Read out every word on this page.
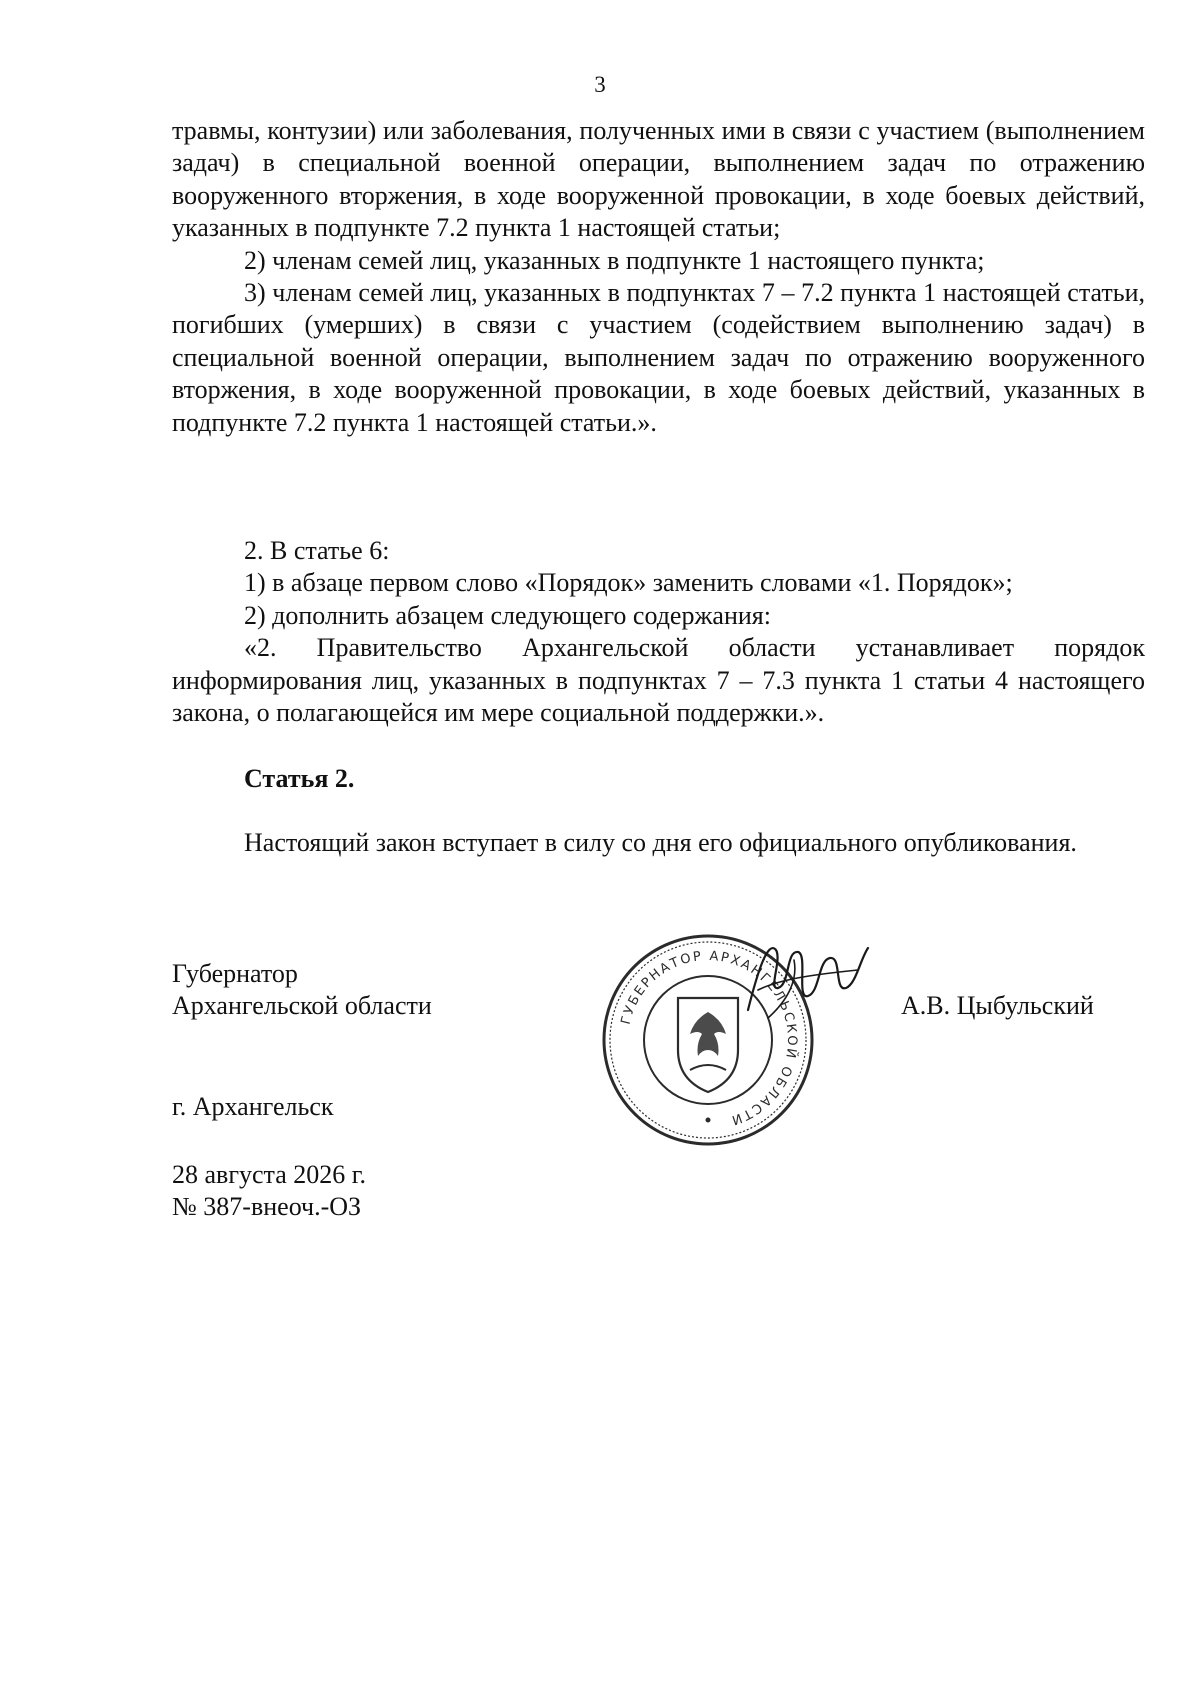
3

травмы, контузии) или заболевания, полученных ими в связи с участием (выполнением задач) в специальной военной операции, выполнением задач по отражению вооруженного вторжения, в ходе вооруженной провокации, в ходе боевых действий, указанных в подпункте 7.2 пункта 1 настоящей статьи;

2) членам семей лиц, указанных в подпункте 1 настоящего пункта;

3) членам семей лиц, указанных в подпунктах 7 – 7.2 пункта 1 настоящей статьи, погибших (умерших) в связи с участием (содействием выполнению задач) в специальной военной операции, выполнением задач по отражению вооруженного вторжения, в ходе вооруженной провокации, в ходе боевых действий, указанных в подпункте 7.2 пункта 1 настоящей статьи.».

2. В статье 6:

1) в абзаце первом слово «Порядок» заменить словами «1. Порядок»;

2) дополнить абзацем следующего содержания:

«2. Правительство Архангельской области устанавливает порядок информирования лиц, указанных в подпунктах 7 – 7.3 пункта 1 статьи 4 настоящего закона, о полагающейся им мере социальной поддержки.».

Статья 2.

Настоящий закон вступает в силу со дня его официального опубликования.

Губернатор
Архангельской области	А.В. Цыбульский
ГУБЕРНАТОР АРХАНГЕЛЬСКОЙ ОБЛАСТИ
г. Архангельск
28 августа 2026 г.
№ 387-внеоч.-ОЗ
